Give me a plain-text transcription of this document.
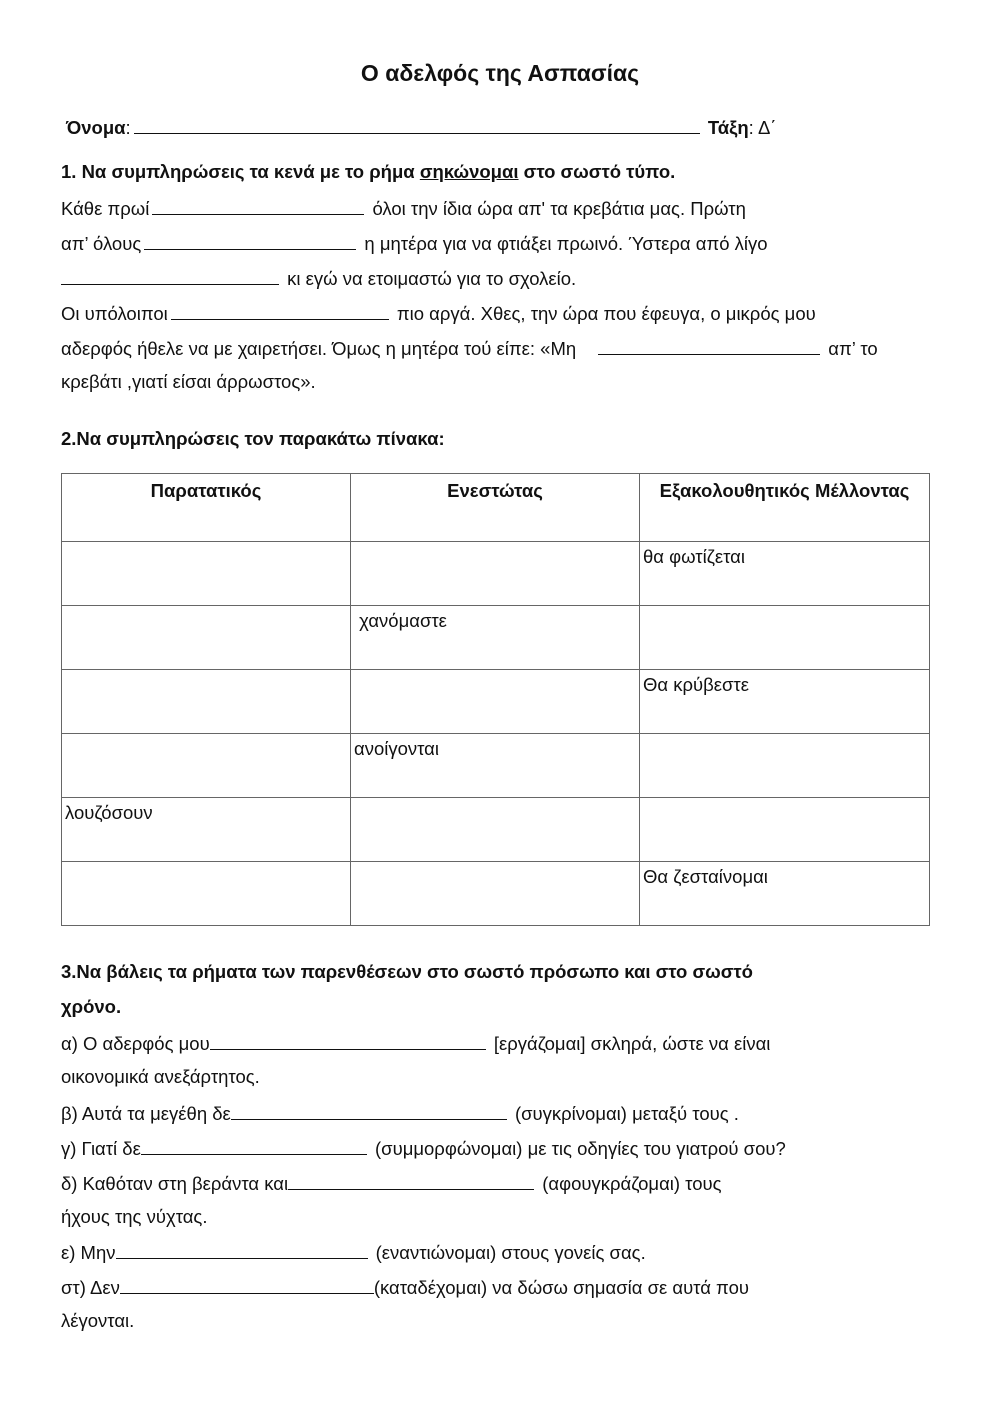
Ο αδελφός της Ασπασίας
Όνομα:	Τάξη: Δ΄
1. Να συμπληρώσεις τα κενά με το ρήμα σηκώνομαι στο σωστό τύπο.
Κάθε πρωί	όλοι την ίδια ώρα απ' τα κρεβάτια μας. Πρώτη
απ’ όλους	η μητέρα για να φτιάξει πρωινό. Ύστερα από λίγο
κι εγώ να ετοιμαστώ για το σχολείο.
Οι υπόλοιποι	πιο αργά. Χθες, την ώρα που έφευγα, ο μικρός μου
αδερφός ήθελε να με χαιρετήσει. Όμως η μητέρα τού είπε: «Μη	απ’ το
κρεβάτι ,γιατί είσαι άρρωστος».
2.Να συμπληρώσεις τον παρακάτω πίνακα:
Παρατατικός	Ενεστώτας	Εξακολουθητικός Μέλλοντας
		θα φωτίζεται
	χανόμαστε	
		Θα κρύβεστε
	ανοίγονται	
λουζόσουν		
		Θα ζεσταίνομαι
3.Να βάλεις τα ρήματα των παρενθέσεων στο σωστό πρόσωπο και στο σωστό
χρόνο.
α) Ο αδερφός μου	[εργάζομαι] σκληρά, ώστε να είναι
οικονομικά ανεξάρτητος.
β) Αυτά τα μεγέθη δε	(συγκρίνομαι) μεταξύ τους .
γ) Γιατί δε	(συμμορφώνομαι) με τις οδηγίες του γιατρού σου?
δ) Καθόταν στη βεράντα και	(αφουγκράζομαι) τους
ήχους της νύχτας.
ε) Μην	(εναντιώνομαι) στους γονείς σας.
στ) Δεν	(καταδέχομαι) να δώσω σημασία σε αυτά που
λέγονται.
